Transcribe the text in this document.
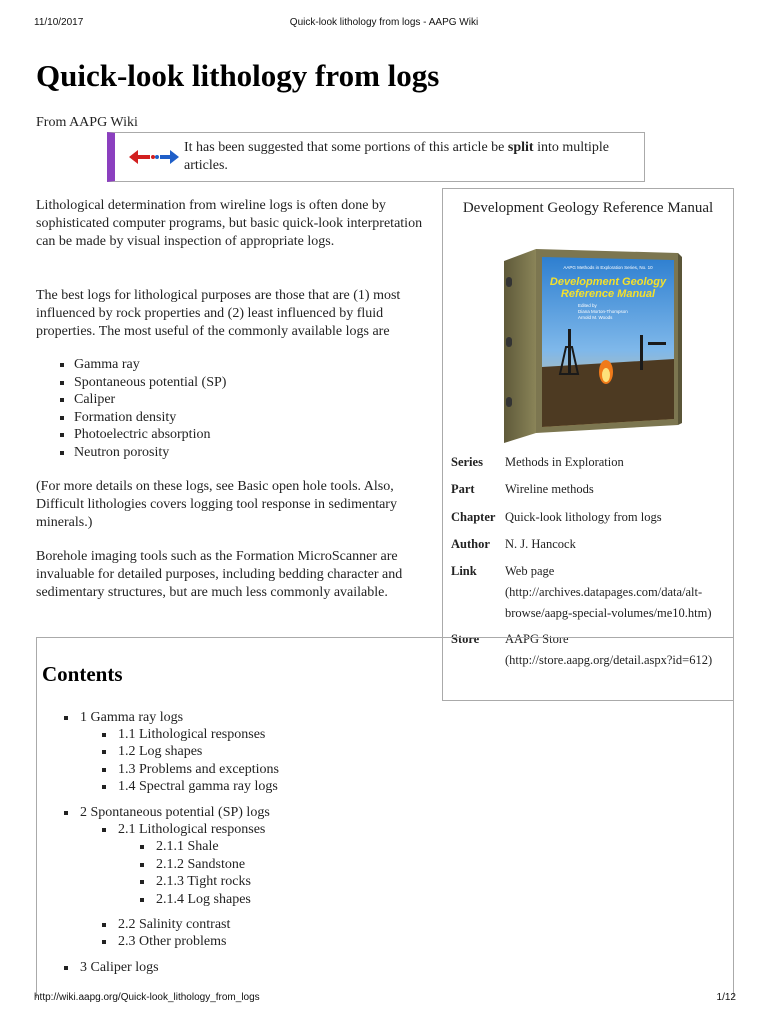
11/10/2017	Quick-look lithology from logs - AAPG Wiki
Quick-look lithology from logs
From AAPG Wiki
It has been suggested that some portions of this article be split into multiple articles.

Lithological determination from wireline logs is often done by sophisticated computer programs, but basic quick-look interpretation can be made by visual inspection of appropriate logs.

The best logs for lithological purposes are those that are (1) most influenced by rock properties and (2) least influenced by fluid properties. The most useful of the commonly available logs are

Gamma ray
Spontaneous potential (SP)
Caliper
Formation density
Photoelectric absorption
Neutron porosity

(For more details on these logs, see Basic open hole tools. Also, Difficult lithologies covers logging tool response in sedimentary minerals.)

Borehole imaging tools such as the Formation MicroScanner are invaluable for detailed purposes, including bedding character and sedimentary structures, but are much less commonly available.

Development Geology Reference Manual
AAPG Methods in Exploration Series, No. 10
Development Geology
Reference Manual
Edited by
Diana Morton-Thompson
Arnold M. Woods
Series	Methods in Exploration
Part	Wireline methods
Chapter Quick-look lithology from logs
Author	N. J. Hancock
Link	Web page (http://archives.datapages.com/data/alt-browse/aapg-special-volumes/me10.htm)
Store	AAPG Store (http://store.aapg.org/detail.aspx?id=612)
Contents
1 Gamma ray logs
1.1 Lithological responses
1.2 Log shapes
1.3 Problems and exceptions
1.4 Spectral gamma ray logs
2 Spontaneous potential (SP) logs
2.1 Lithological responses
2.1.1 Shale
2.1.2 Sandstone
2.1.3 Tight rocks
2.1.4 Log shapes
2.2 Salinity contrast
2.3 Other problems
3 Caliper logs
http://wiki.aapg.org/Quick-look_lithology_from_logs	1/12
